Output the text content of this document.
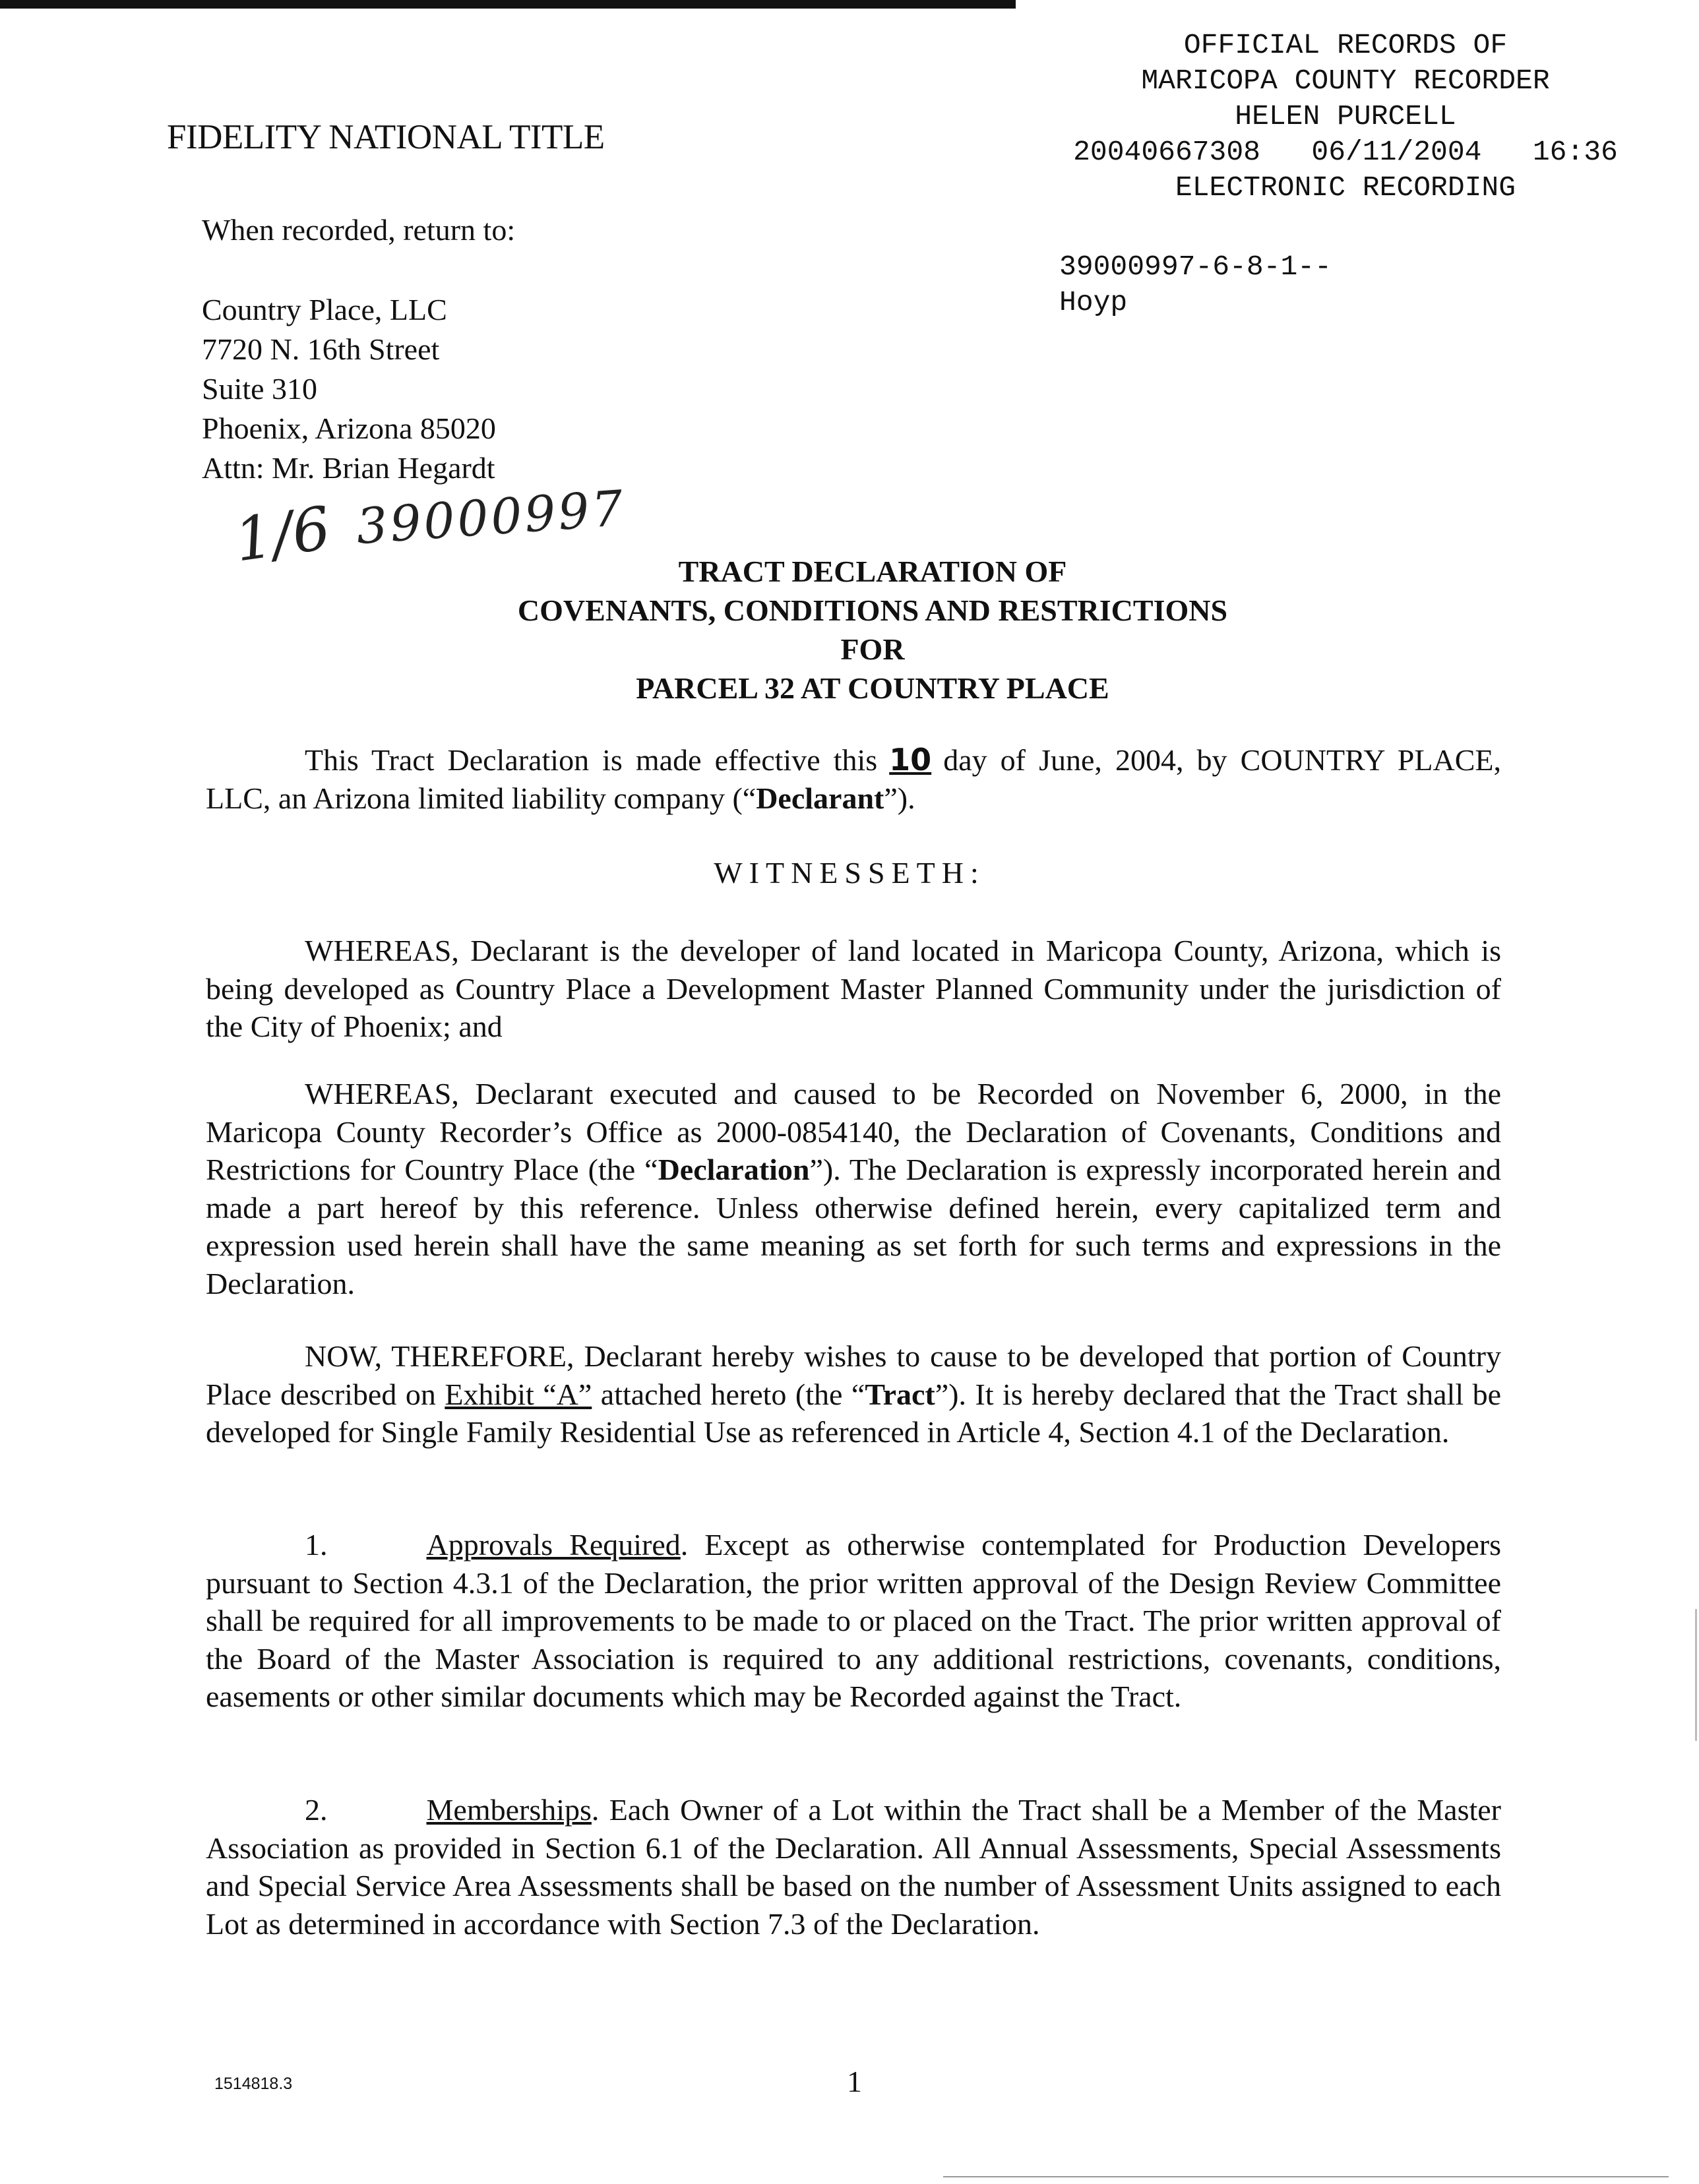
OFFICIAL RECORDS OF
MARICOPA COUNTY RECORDER
HELEN PURCELL
20040667308   06/11/2004   16:36
ELECTRONIC RECORDING
FIDELITY NATIONAL TITLE
When recorded, return to:
39000997-6-8-1--
Hoyp
Country Place, LLC
7720 N. 16th Street
Suite 310
Phoenix, Arizona 85020
Attn: Mr. Brian Hegardt
1/6 39000997
TRACT DECLARATION OF
COVENANTS, CONDITIONS AND RESTRICTIONS
FOR
PARCEL 32 AT COUNTRY PLACE
This Tract Declaration is made effective this 10 day of June, 2004, by COUNTRY PLACE, LLC, an Arizona limited liability company (“Declarant”).
WITNESSETH:
WHEREAS, Declarant is the developer of land located in Maricopa County, Arizona, which is being developed as Country Place a Development Master Planned Community under the jurisdiction of the City of Phoenix; and
WHEREAS, Declarant executed and caused to be Recorded on November 6, 2000, in the Maricopa County Recorder’s Office as 2000-0854140, the Declaration of Covenants, Conditions and Restrictions for Country Place (the “Declaration”). The Declaration is expressly incorporated herein and made a part hereof by this reference. Unless otherwise defined herein, every capitalized term and expression used herein shall have the same meaning as set forth for such terms and expressions in the Declaration.
NOW, THEREFORE, Declarant hereby wishes to cause to be developed that portion of Country Place described on Exhibit “A” attached hereto (the “Tract”). It is hereby declared that the Tract shall be developed for Single Family Residential Use as referenced in Article 4, Section 4.1 of the Declaration.
1.	Approvals Required. Except as otherwise contemplated for Production Developers pursuant to Section 4.3.1 of the Declaration, the prior written approval of the Design Review Committee shall be required for all improvements to be made to or placed on the Tract. The prior written approval of the Board of the Master Association is required to any additional restrictions, covenants, conditions, easements or other similar documents which may be Recorded against the Tract.
2.	Memberships. Each Owner of a Lot within the Tract shall be a Member of the Master Association as provided in Section 6.1 of the Declaration. All Annual Assessments, Special Assessments and Special Service Area Assessments shall be based on the number of Assessment Units assigned to each Lot as determined in accordance with Section 7.3 of the Declaration.
1514818.3	1
